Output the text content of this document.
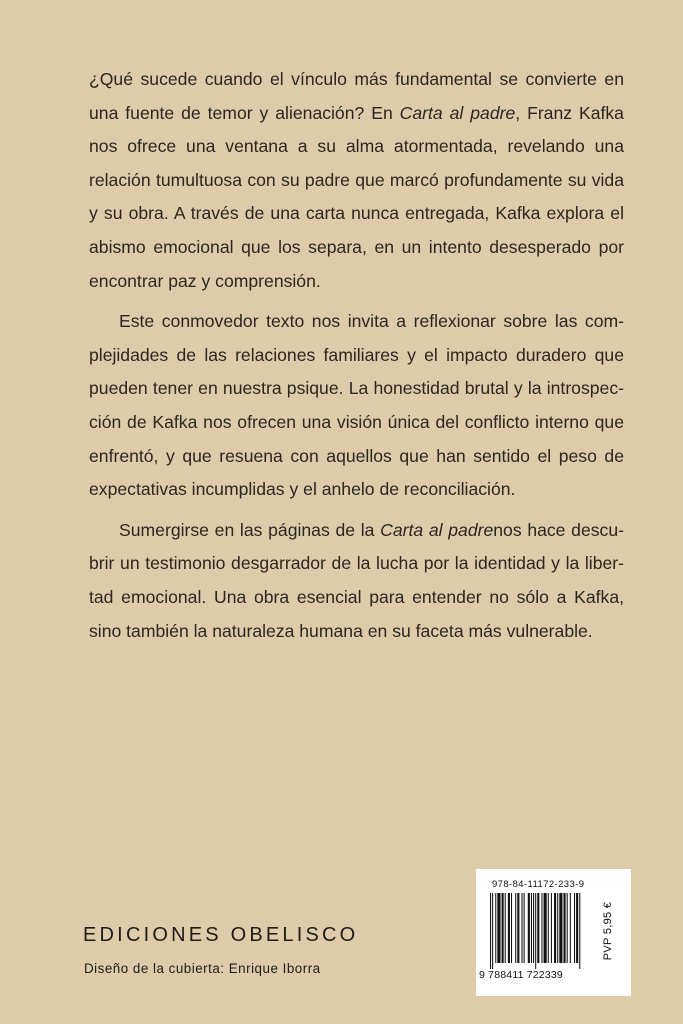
¿Qué sucede cuando el vínculo más fundamental se convierte en una fuente de temor y alienación? En Carta al padre, Franz Kafka nos ofrece una ventana a su alma atormentada, revelando una relación tumultuosa con su padre que marcó profundamente su vida y su obra. A través de una carta nunca entregada, Kafka explora el abismo emocional que los separa, en un intento desesperado por encontrar paz y comprensión.

Este conmovedor texto nos invita a reflexionar sobre las complejidades de las relaciones familiares y el impacto duradero que pueden tener en nuestra psique. La honestidad brutal y la introspección de Kafka nos ofrecen una visión única del conflicto interno que enfrentó, y que resuena con aquellos que han sentido el peso de expectativas incumplidas y el anhelo de reconciliación.

Sumergirse en las páginas de la Carta al padrenos hace descubrir un testimonio desgarrador de la lucha por la identidad y la libertad emocional. Una obra esencial para entender no sólo a Kafka, sino también la naturaleza humana en su faceta más vulnerable.

EDICIONES OBELISCO
Diseño de la cubierta: Enrique Iborra
978-84-11172-233-9
9 788411 722339
PVP 5,95 €
